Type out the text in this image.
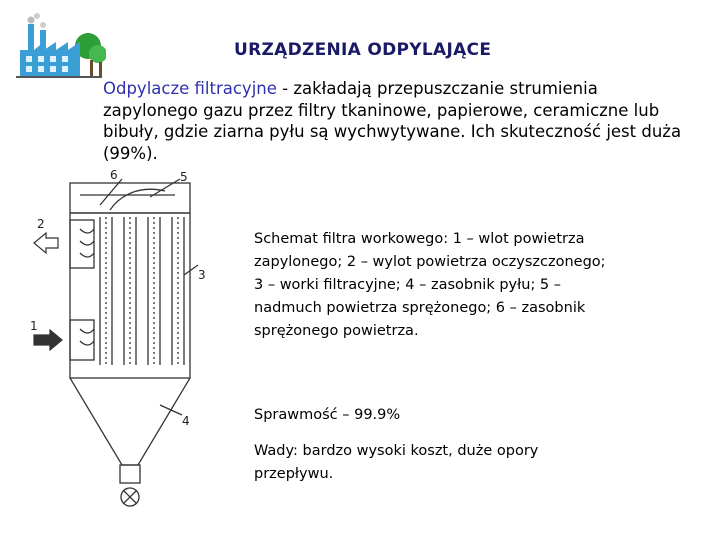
URZĄDZENIA ODPYLAJĄCE
Odpylacze filtracyjne - zakładają przepuszczanie strumienia zapylonego gazu przez filtry tkaninowe, papierowe, ceramiczne lub bibuły, gdzie ziarna pyłu są wychwytywane. Ich skuteczność jest duża (99%).
6	5
2
3
1
4
Schemat filtra workowego: 1 – wlot powietrza zapylonego; 2 – wylot powietrza oczyszczonego; 3 – worki filtracyjne; 4 – zasobnik pyłu; 5 – nadmuch powietrza sprężonego; 6 – zasobnik sprężonego powietrza.
Sprawmość – 99.9%
Wady: bardzo wysoki koszt, duże opory przepływu.
